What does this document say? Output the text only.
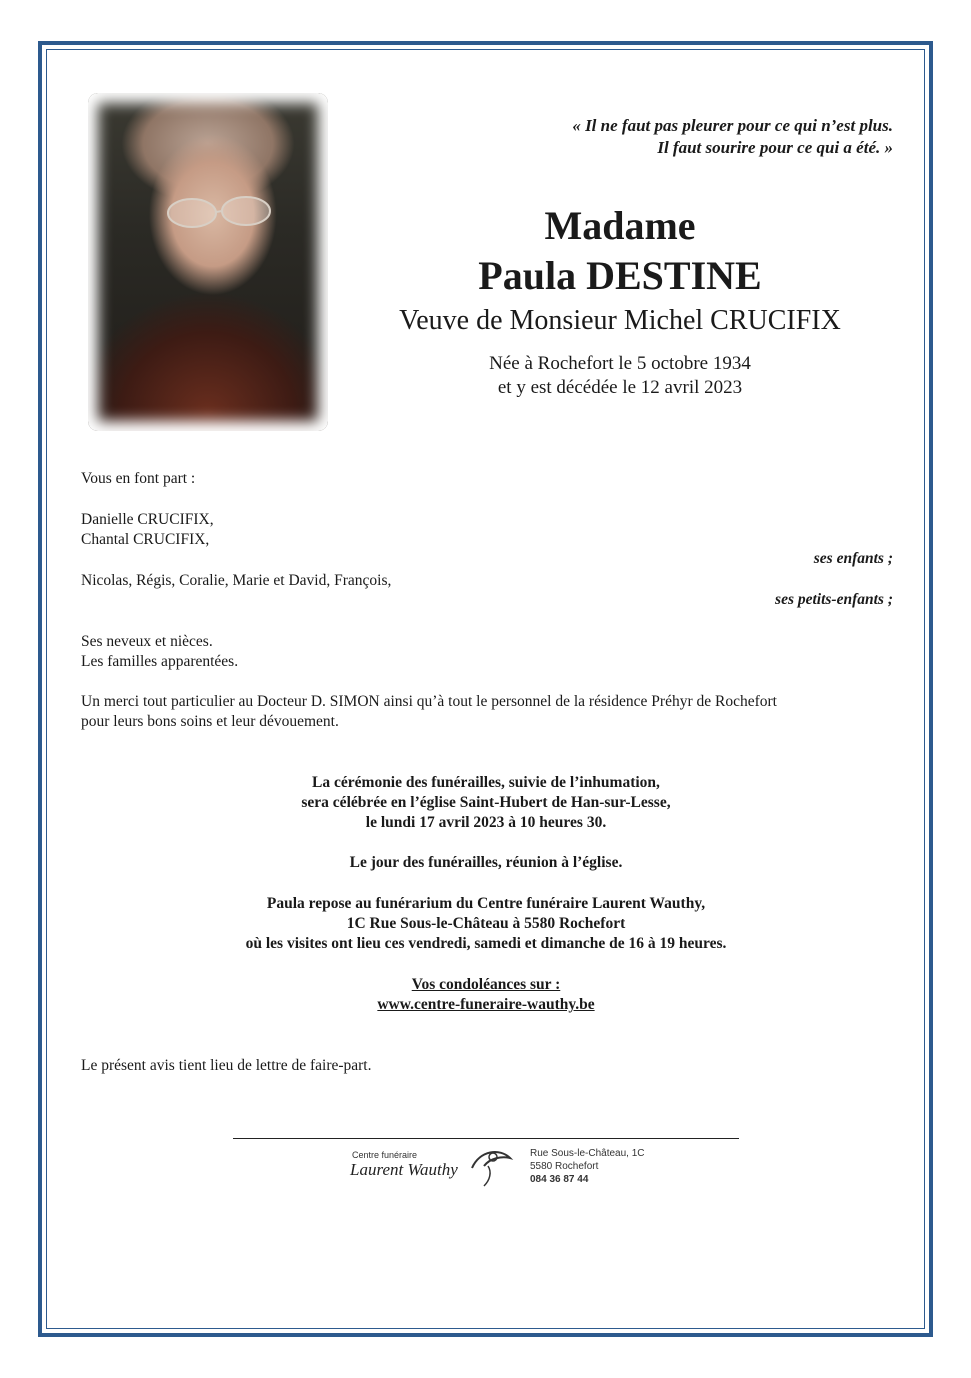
« Il ne faut pas pleurer pour ce qui n’est plus.
Il faut sourire pour ce qui a été. »
Madame
Paula DESTINE
Veuve de Monsieur Michel CRUCIFIX
Née à Rochefort le 5 octobre 1934
et y est décédée le 12 avril 2023
Vous en font part :
Danielle CRUCIFIX,
Chantal CRUCIFIX,
ses enfants ;
Nicolas, Régis, Coralie, Marie et David, François,
ses petits-enfants ;
Ses neveux et nièces.
Les familles apparentées.
Un merci tout particulier au Docteur D. SIMON ainsi qu’à tout le personnel de la résidence Préhyr de Rochefort
pour leurs bons soins et leur dévouement.
La cérémonie des funérailles, suivie de l’inhumation,
sera célébrée en l’église Saint-Hubert de Han-sur-Lesse,
le lundi 17 avril 2023 à 10 heures 30.
Le jour des funérailles, réunion à l’église.
Paula repose au funérarium du Centre funéraire Laurent Wauthy,
1C Rue Sous-le-Château à 5580 Rochefort
où les visites ont lieu ces vendredi, samedi et dimanche de 16 à 19 heures.
Vos condoléances sur :
www.centre-funeraire-wauthy.be
Le présent avis tient lieu de lettre de faire-part.
Centre funéraire
Laurent Wauthy
Rue Sous-le-Château, 1C
5580 Rochefort
084 36 87 44
